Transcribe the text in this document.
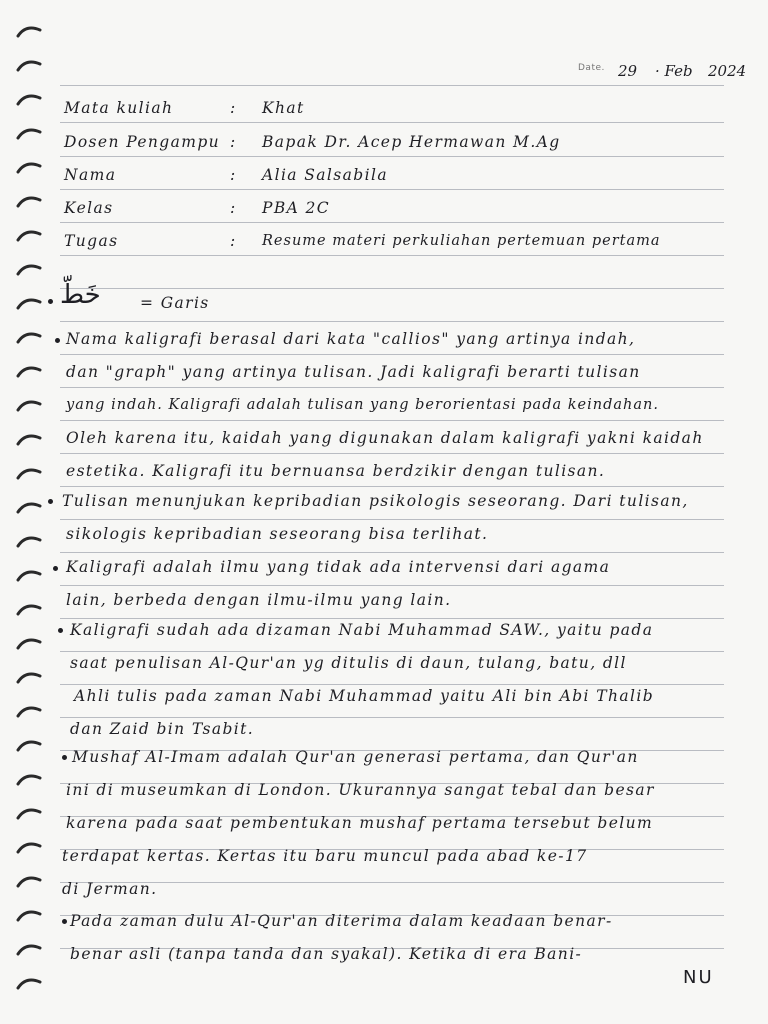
Date. 29 · Feb 2024
Mata kuliah	: Khat
Dosen Pengampu : Bapak Dr. Acep Hermawan M.Ag
Nama	: Alia Salsabila
Kelas	: PBA 2C
Tugas	: Resume materi perkuliahan pertemuan pertama
خَطّ	= Garis
Nama kaligrafi berasal dari kata "callios" yang artinya indah,
dan "graph" yang artinya tulisan. Jadi kaligrafi berarti tulisan
yang indah. Kaligrafi adalah tulisan yang berorientasi pada keindahan.
Oleh karena itu, kaidah yang digunakan dalam kaligrafi yakni kaidah
estetika. Kaligrafi itu bernuansa berdzikir dengan tulisan.
Tulisan menunjukan kepribadian psikologis seseorang. Dari tulisan,
sikologis kepribadian seseorang bisa terlihat.
Kaligrafi adalah ilmu yang tidak ada intervensi dari agama
lain, berbeda dengan ilmu-ilmu yang lain.
Kaligrafi sudah ada dizaman Nabi Muhammad SAW., yaitu pada
saat penulisan Al-Qur'an yg ditulis di daun, tulang, batu, dll
Ahli tulis pada zaman Nabi Muhammad yaitu Ali bin Abi Thalib
dan Zaid bin Tsabit.
Mushaf Al-Imam adalah Qur'an generasi pertama, dan Qur'an
ini di museumkan di London. Ukurannya sangat tebal dan besar
karena pada saat pembentukan mushaf pertama tersebut belum
terdapat kertas. Kertas itu baru muncul pada abad ke-17
di Jerman.
Pada zaman dulu Al-Qur'an diterima dalam keadaan benar-
benar asli (tanpa tanda dan syakal). Ketika di era Bani-
NU
